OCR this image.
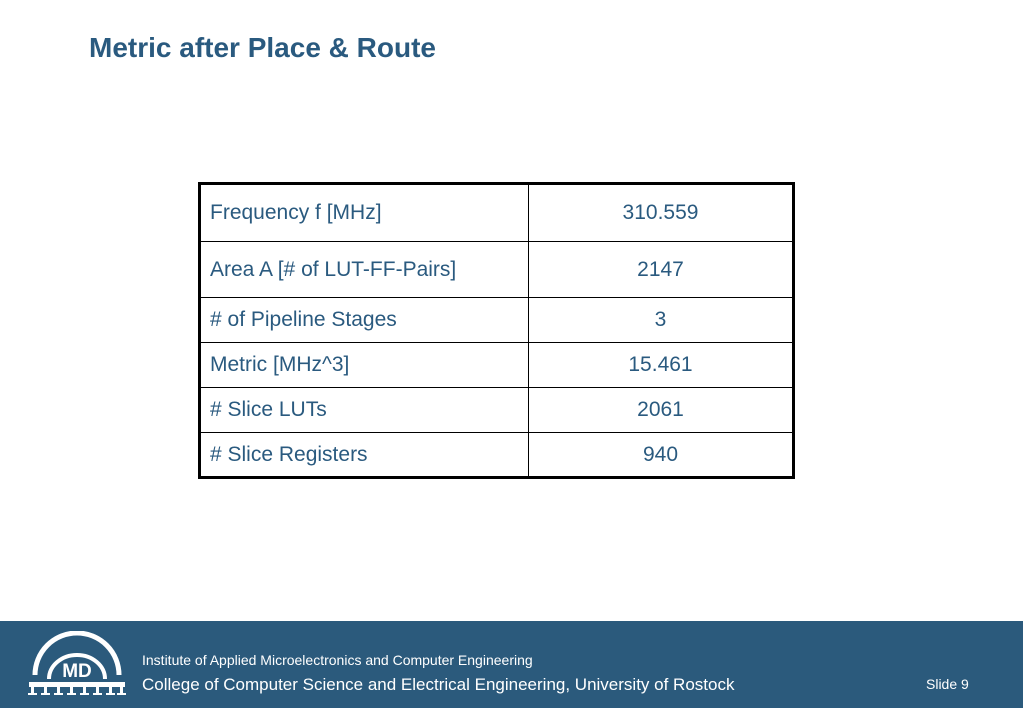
Metric after Place & Route
Frequency f [MHz]	310.559
Area A [# of LUT-FF-Pairs]	2147
# of Pipeline Stages	3
Metric [MHz^3]	15.461
# Slice LUTs	2061
# Slice Registers	940
MD
Institute of Applied Microelectronics and Computer Engineering
College of Computer Science and Electrical Engineering, University of Rostock	Slide 9
